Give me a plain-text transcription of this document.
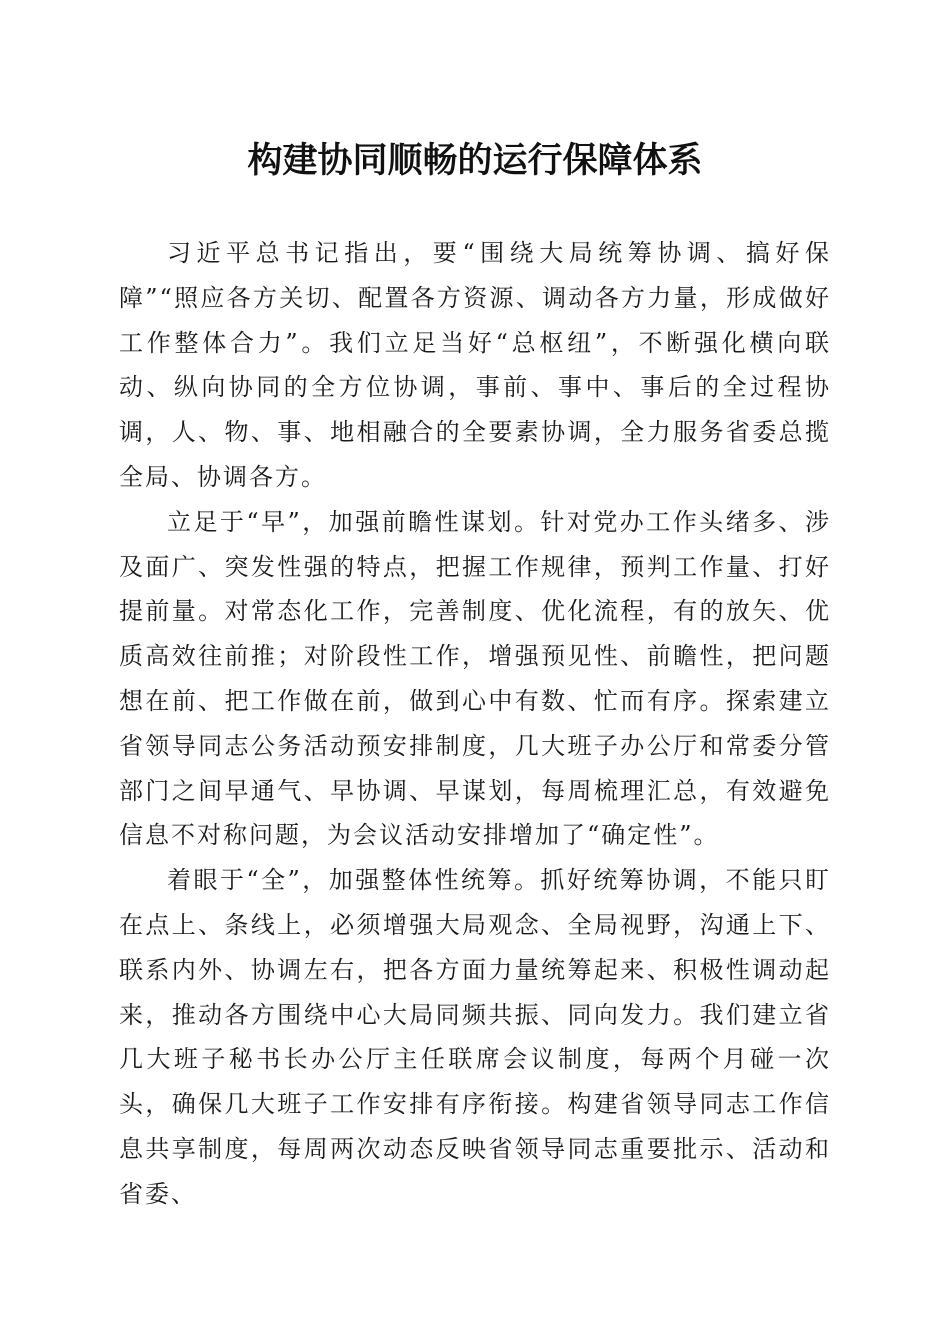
构建协同顺畅的运行保障体系

习近平总书记指出，要“围绕大局统筹协调、搞好保障”“照应各方关切、配置各方资源、调动各方力量，形成做好工作整体合力”。我们立足当好“总枢纽”，不断强化横向联动、纵向协同的全方位协调，事前、事中、事后的全过程协调，人、物、事、地相融合的全要素协调，全力服务省委总揽全局、协调各方。

立足于“早”，加强前瞻性谋划。针对党办工作头绪多、涉及面广、突发性强的特点，把握工作规律，预判工作量、打好提前量。对常态化工作，完善制度、优化流程，有的放矢、优质高效往前推；对阶段性工作，增强预见性、前瞻性，把问题想在前、把工作做在前，做到心中有数、忙而有序。探索建立省领导同志公务活动预安排制度，几大班子办公厅和常委分管部门之间早通气、早协调、早谋划，每周梳理汇总，有效避免信息不对称问题，为会议活动安排增加了“确定性”。

着眼于“全”，加强整体性统筹。抓好统筹协调，不能只盯在点上、条线上，必须增强大局观念、全局视野，沟通上下、联系内外、协调左右，把各方面力量统筹起来、积极性调动起来，推动各方围绕中心大局同频共振、同向发力。我们建立省几大班子秘书长办公厅主任联席会议制度，每两个月碰一次头，确保几大班子工作安排有序衔接。构建省领导同志工作信息共享制度，每周两次动态反映省领导同志重要批示、活动和省委、
